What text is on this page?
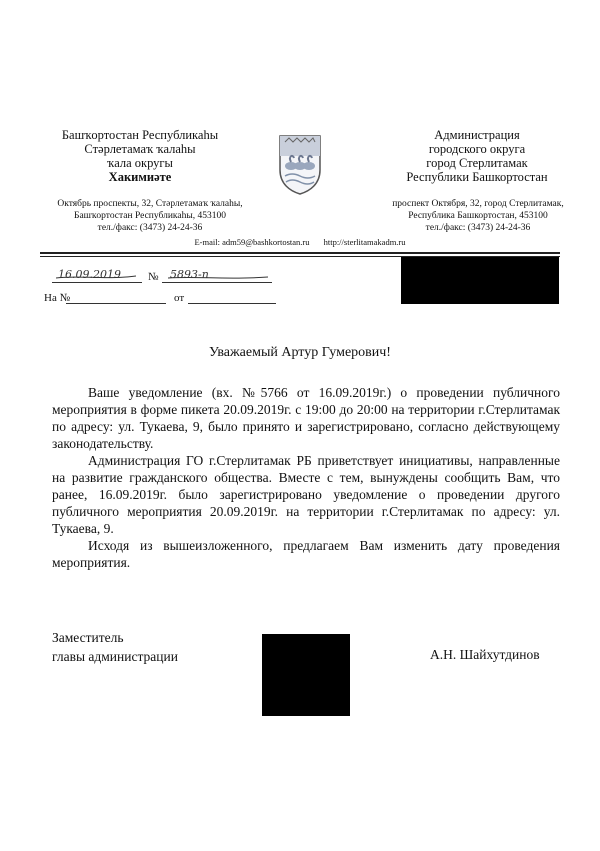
Башҡортостан Республикаһы
Стәрлетамаҡ ҡалаһы
ҡала округы
Хакимиәте
Администрация
городского округа
город Стерлитамак
Республики Башкортостан
Октябрь проспекты, 32, Стәрлетамаҡ ҡалаһы,
Башҡортостан Республикаһы, 453100
тел./факс: (3473) 24-24-36
проспект Октября, 32, город Стерлитамак,
Республика Башкортостан, 453100
тел./факс: (3473) 24-24-36
E-mail: adm59@bashkortostan.ru http://sterlitamakadm.ru
16.09.2019 № 5893-п
На №	от
Уважаемый Артур Гумерович!

Ваше уведомление (вх. №5766 от 16.09.2019г.) о проведении публичного мероприятия в форме пикета 20.09.2019г. с 19:00 до 20:00 на территории г.Стерлитамак по адресу: ул. Тукаева, 9, было принято и зарегистрировано, согласно действующему законодательству.

Администрация ГО г.Стерлитамак РБ приветствует инициативы, направленные на развитие гражданского общества. Вместе с тем, вынуждены сообщить Вам, что ранее, 16.09.2019г. было зарегистрировано уведомление о проведении другого публичного мероприятия 20.09.2019г. на территории г.Стерлитамак по адресу: ул. Тукаева, 9.

Исходя из вышеизложенного, предлагаем Вам изменить дату проведения мероприятия.

Заместитель
главы администрации	А.Н. Шайхутдинов
